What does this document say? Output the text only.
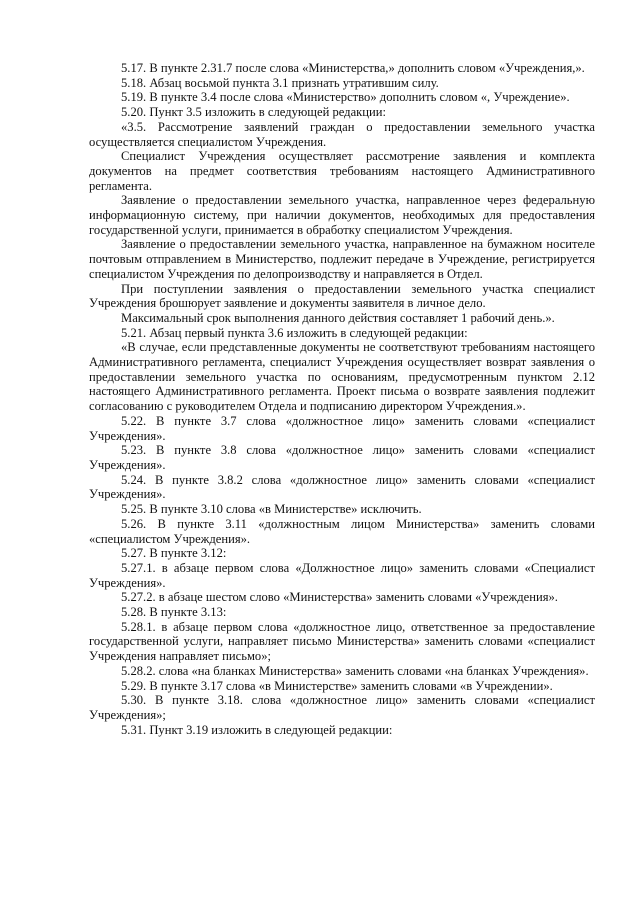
5.17. В пункте 2.31.7 после слова «Министерства,» дополнить словом «Учреждения,».

5.18. Абзац восьмой пункта 3.1 признать утратившим силу.

5.19. В пункте 3.4 после слова «Министерство» дополнить словом «, Учреждение».

5.20. Пункт 3.5 изложить в следующей редакции:

«3.5. Рассмотрение заявлений граждан о предоставлении земельного участка осуществляется специалистом Учреждения.

Специалист Учреждения осуществляет рассмотрение заявления и комплекта документов на предмет соответствия требованиям настоящего Административного регламента.

Заявление о предоставлении земельного участка, направленное через федеральную информационную систему, при наличии документов, необходимых для предоставления государственной услуги, принимается в обработку специалистом Учреждения.

Заявление о предоставлении земельного участка, направленное на бумажном носителе почтовым отправлением в Министерство, подлежит передаче в Учреждение, регистрируется специалистом Учреждения по делопроизводству и направляется в Отдел.

При поступлении заявления о предоставлении земельного участка специалист Учреждения брошюрует заявление и документы заявителя в личное дело.

Максимальный срок выполнения данного действия составляет 1 рабочий день.».

5.21. Абзац первый пункта 3.6 изложить в следующей редакции:

«В случае, если представленные документы не соответствуют требованиям настоящего Административного регламента, специалист Учреждения осуществляет возврат заявления о предоставлении земельного участка по основаниям, предусмотренным пунктом 2.12 настоящего Административного регламента. Проект письма о возврате заявления подлежит согласованию с руководителем Отдела и подписанию директором Учреждения.».

5.22. В пункте 3.7 слова «должностное лицо» заменить словами «специалист Учреждения».

5.23. В пункте 3.8 слова «должностное лицо» заменить словами «специалист Учреждения».

5.24. В пункте 3.8.2 слова «должностное лицо» заменить словами «специалист Учреждения».

5.25. В пункте 3.10 слова «в Министерстве» исключить.

5.26. В пункте 3.11 «должностным лицом Министерства» заменить словами «специалистом Учреждения».

5.27. В пункте 3.12:

5.27.1. в абзаце первом слова «Должностное лицо» заменить словами «Специалист Учреждения».

5.27.2. в абзаце шестом слово «Министерства» заменить словами «Учреждения».

5.28. В пункте 3.13:

5.28.1. в абзаце первом слова «должностное лицо, ответственное за предоставление государственной услуги, направляет письмо Министерства» заменить словами «специалист Учреждения направляет письмо»;

5.28.2. слова «на бланках Министерства» заменить словами «на бланках Учреждения».

5.29. В пункте 3.17 слова «в Министерстве» заменить словами «в Учреждении».

5.30. В пункте 3.18. слова «должностное лицо» заменить словами «специалист Учреждения»;

5.31. Пункт 3.19 изложить в следующей редакции:
